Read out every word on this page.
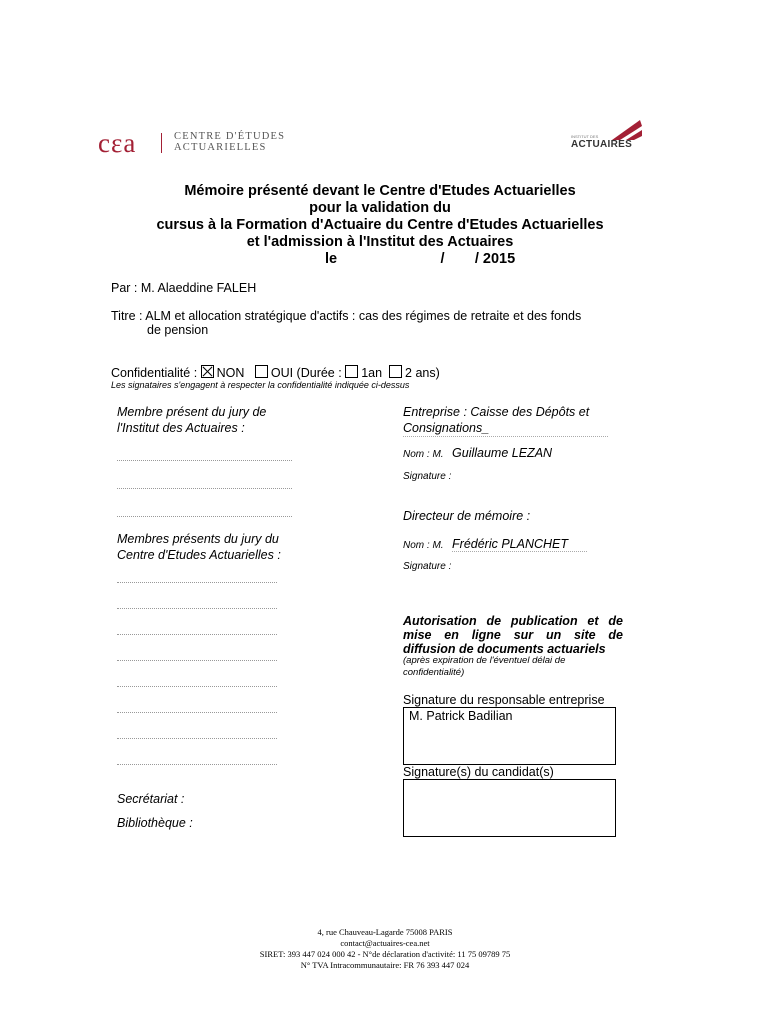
cεa	CENTRE D'ÉTUDES
ACTUARIELLES
INSTITUT DES
ACTUAIRES
Mémoire présenté devant le Centre d'Etudes Actuarielles
pour la validation du
cursus à la Formation d'Actuaire du Centre d'Etudes Actuarielles
et l'admission à l'Institut des Actuaires
le	/ / 2015
Par : M. Alaeddine FALEH
Titre : ALM et allocation stratégique d'actifs : cas des régimes de retraite et des fonds
de pension
Confidentialité : NON OUI (Durée : 1an 2 ans)
Les signataires s'engagent à respecter la confidentialité indiquée ci-dessus
Membre présent du jury de
l'Institut des Actuaires :
Membres présents du jury du
Centre d'Etudes Actuarielles :
Secrétariat :
Bibliothèque :
Entreprise : Caisse des Dépôts et
Consignations_
Nom : M. Guillaume LEZAN
Signature :
Directeur de mémoire :
Nom : M. Frédéric PLANCHET
Signature :
Autorisation de publication et de
mise en ligne sur un site de
diffusion de documents actuariels
(après expiration de l'éventuel délai de
confidentialité)
Signature du responsable entreprise
M. Patrick Badilian
Signature(s) du candidat(s)
4, rue Chauveau-Lagarde 75008 PARIS
contact@actuaires-cea.net
SIRET: 393 447 024 000 42 - N°de déclaration d'activité: 11 75 09789 75
N° TVA Intracommunautaire: FR 76 393 447 024
